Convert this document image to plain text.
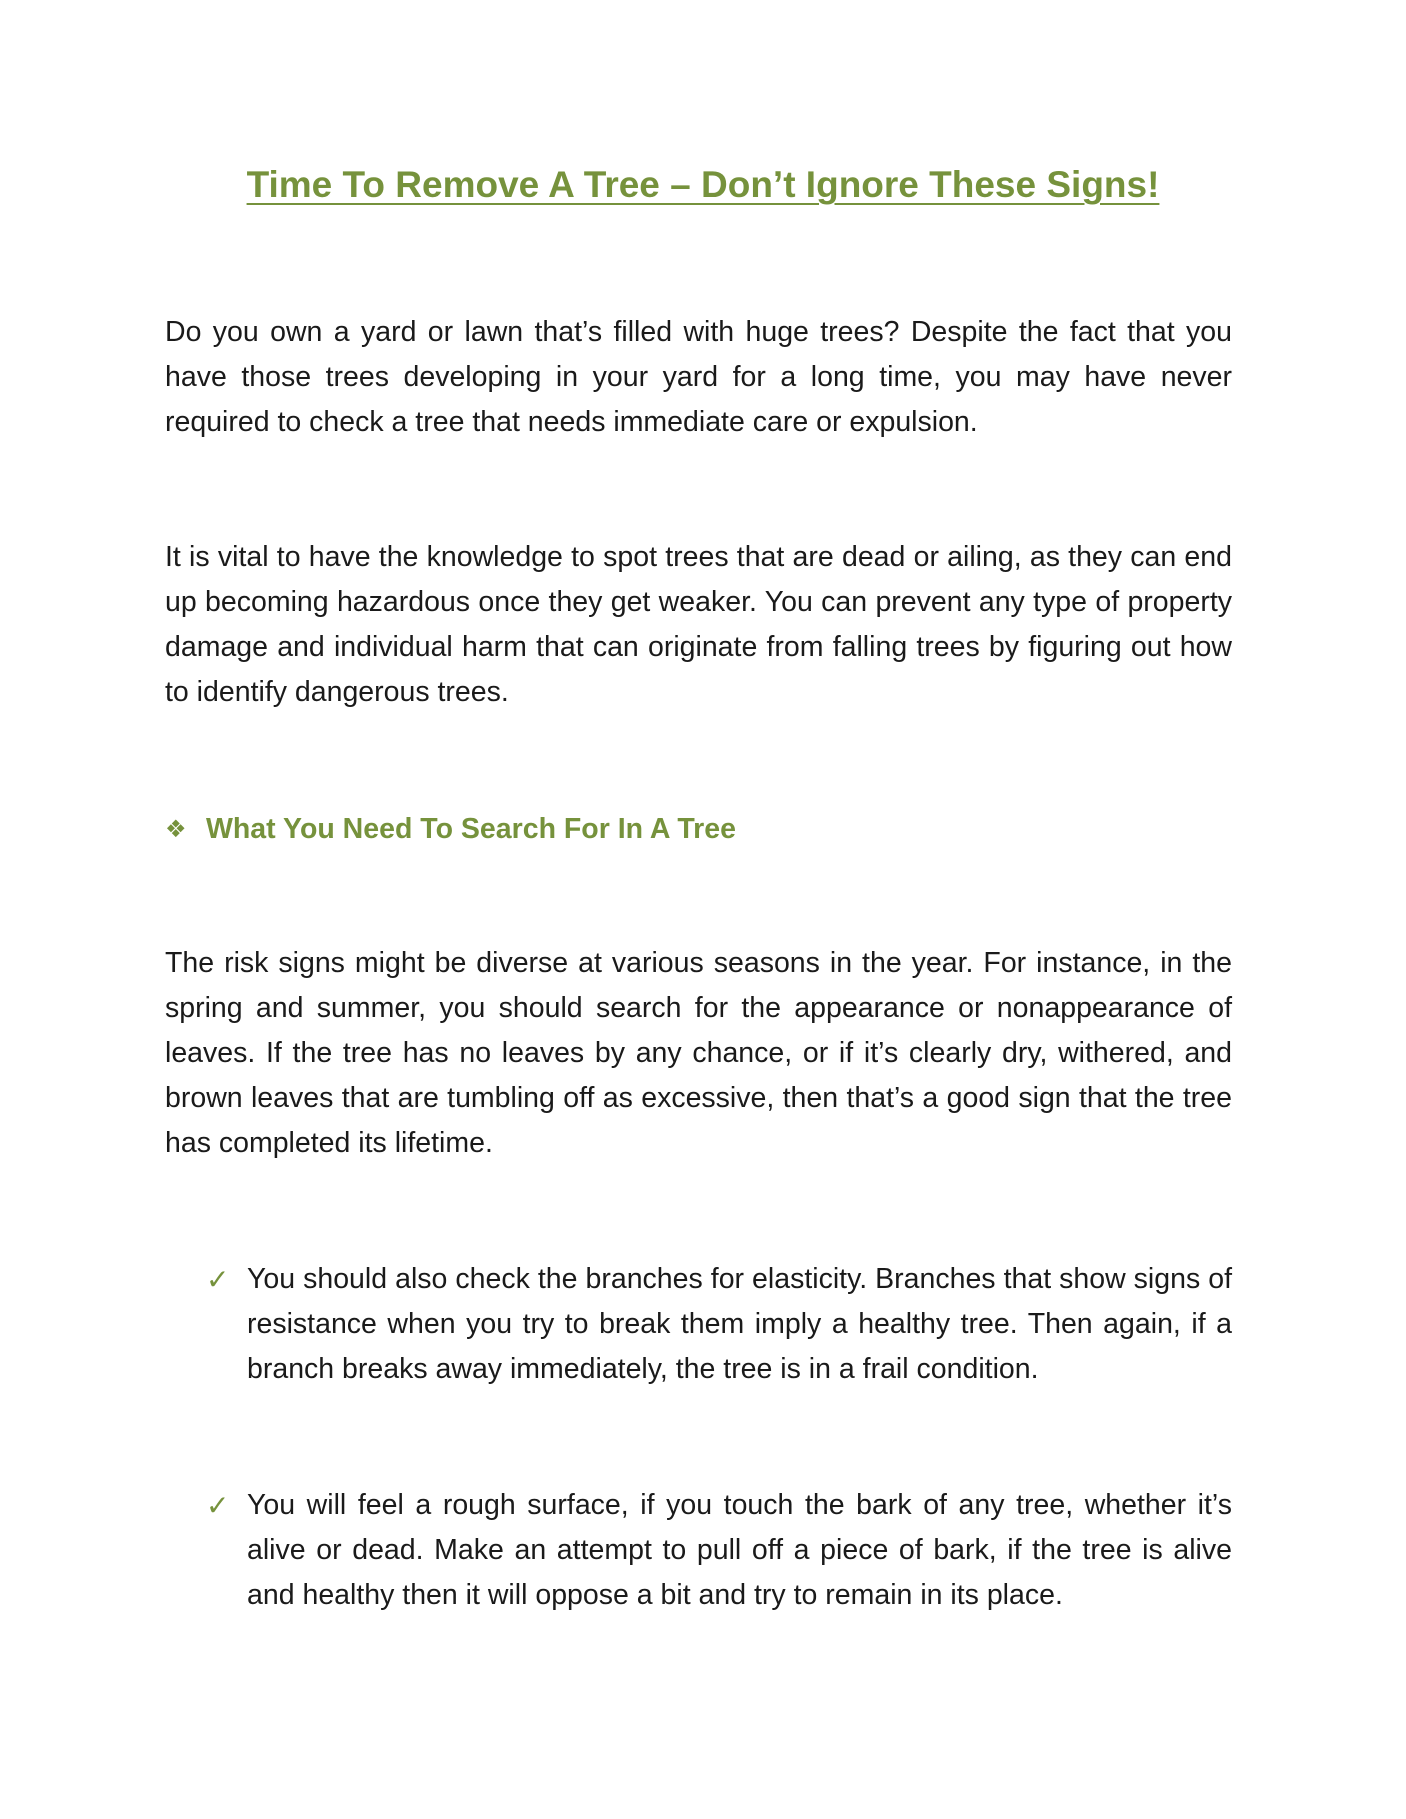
Time To Remove A Tree – Don’t Ignore These Signs!

Do you own a yard or lawn that’s filled with huge trees? Despite the fact that you have those trees developing in your yard for a long time, you may have never required to check a tree that needs immediate care or expulsion.

It is vital to have the knowledge to spot trees that are dead or ailing, as they can end up becoming hazardous once they get weaker. You can prevent any type of property damage and individual harm that can originate from falling trees by figuring out how to identify dangerous trees.

❖ What You Need To Search For In A Tree

The risk signs might be diverse at various seasons in the year. For instance, in the spring and summer, you should search for the appearance or nonappearance of leaves. If the tree has no leaves by any chance, or if it’s clearly dry, withered, and brown leaves that are tumbling off as excessive, then that’s a good sign that the tree has completed its lifetime.

✓ You should also check the branches for elasticity. Branches that show signs of resistance when you try to break them imply a healthy tree. Then again, if a branch breaks away immediately, the tree is in a frail condition.
✓ You will feel a rough surface, if you touch the bark of any tree, whether it’s alive or dead. Make an attempt to pull off a piece of bark, if the tree is alive and healthy then it will oppose a bit and try to remain in its place.
